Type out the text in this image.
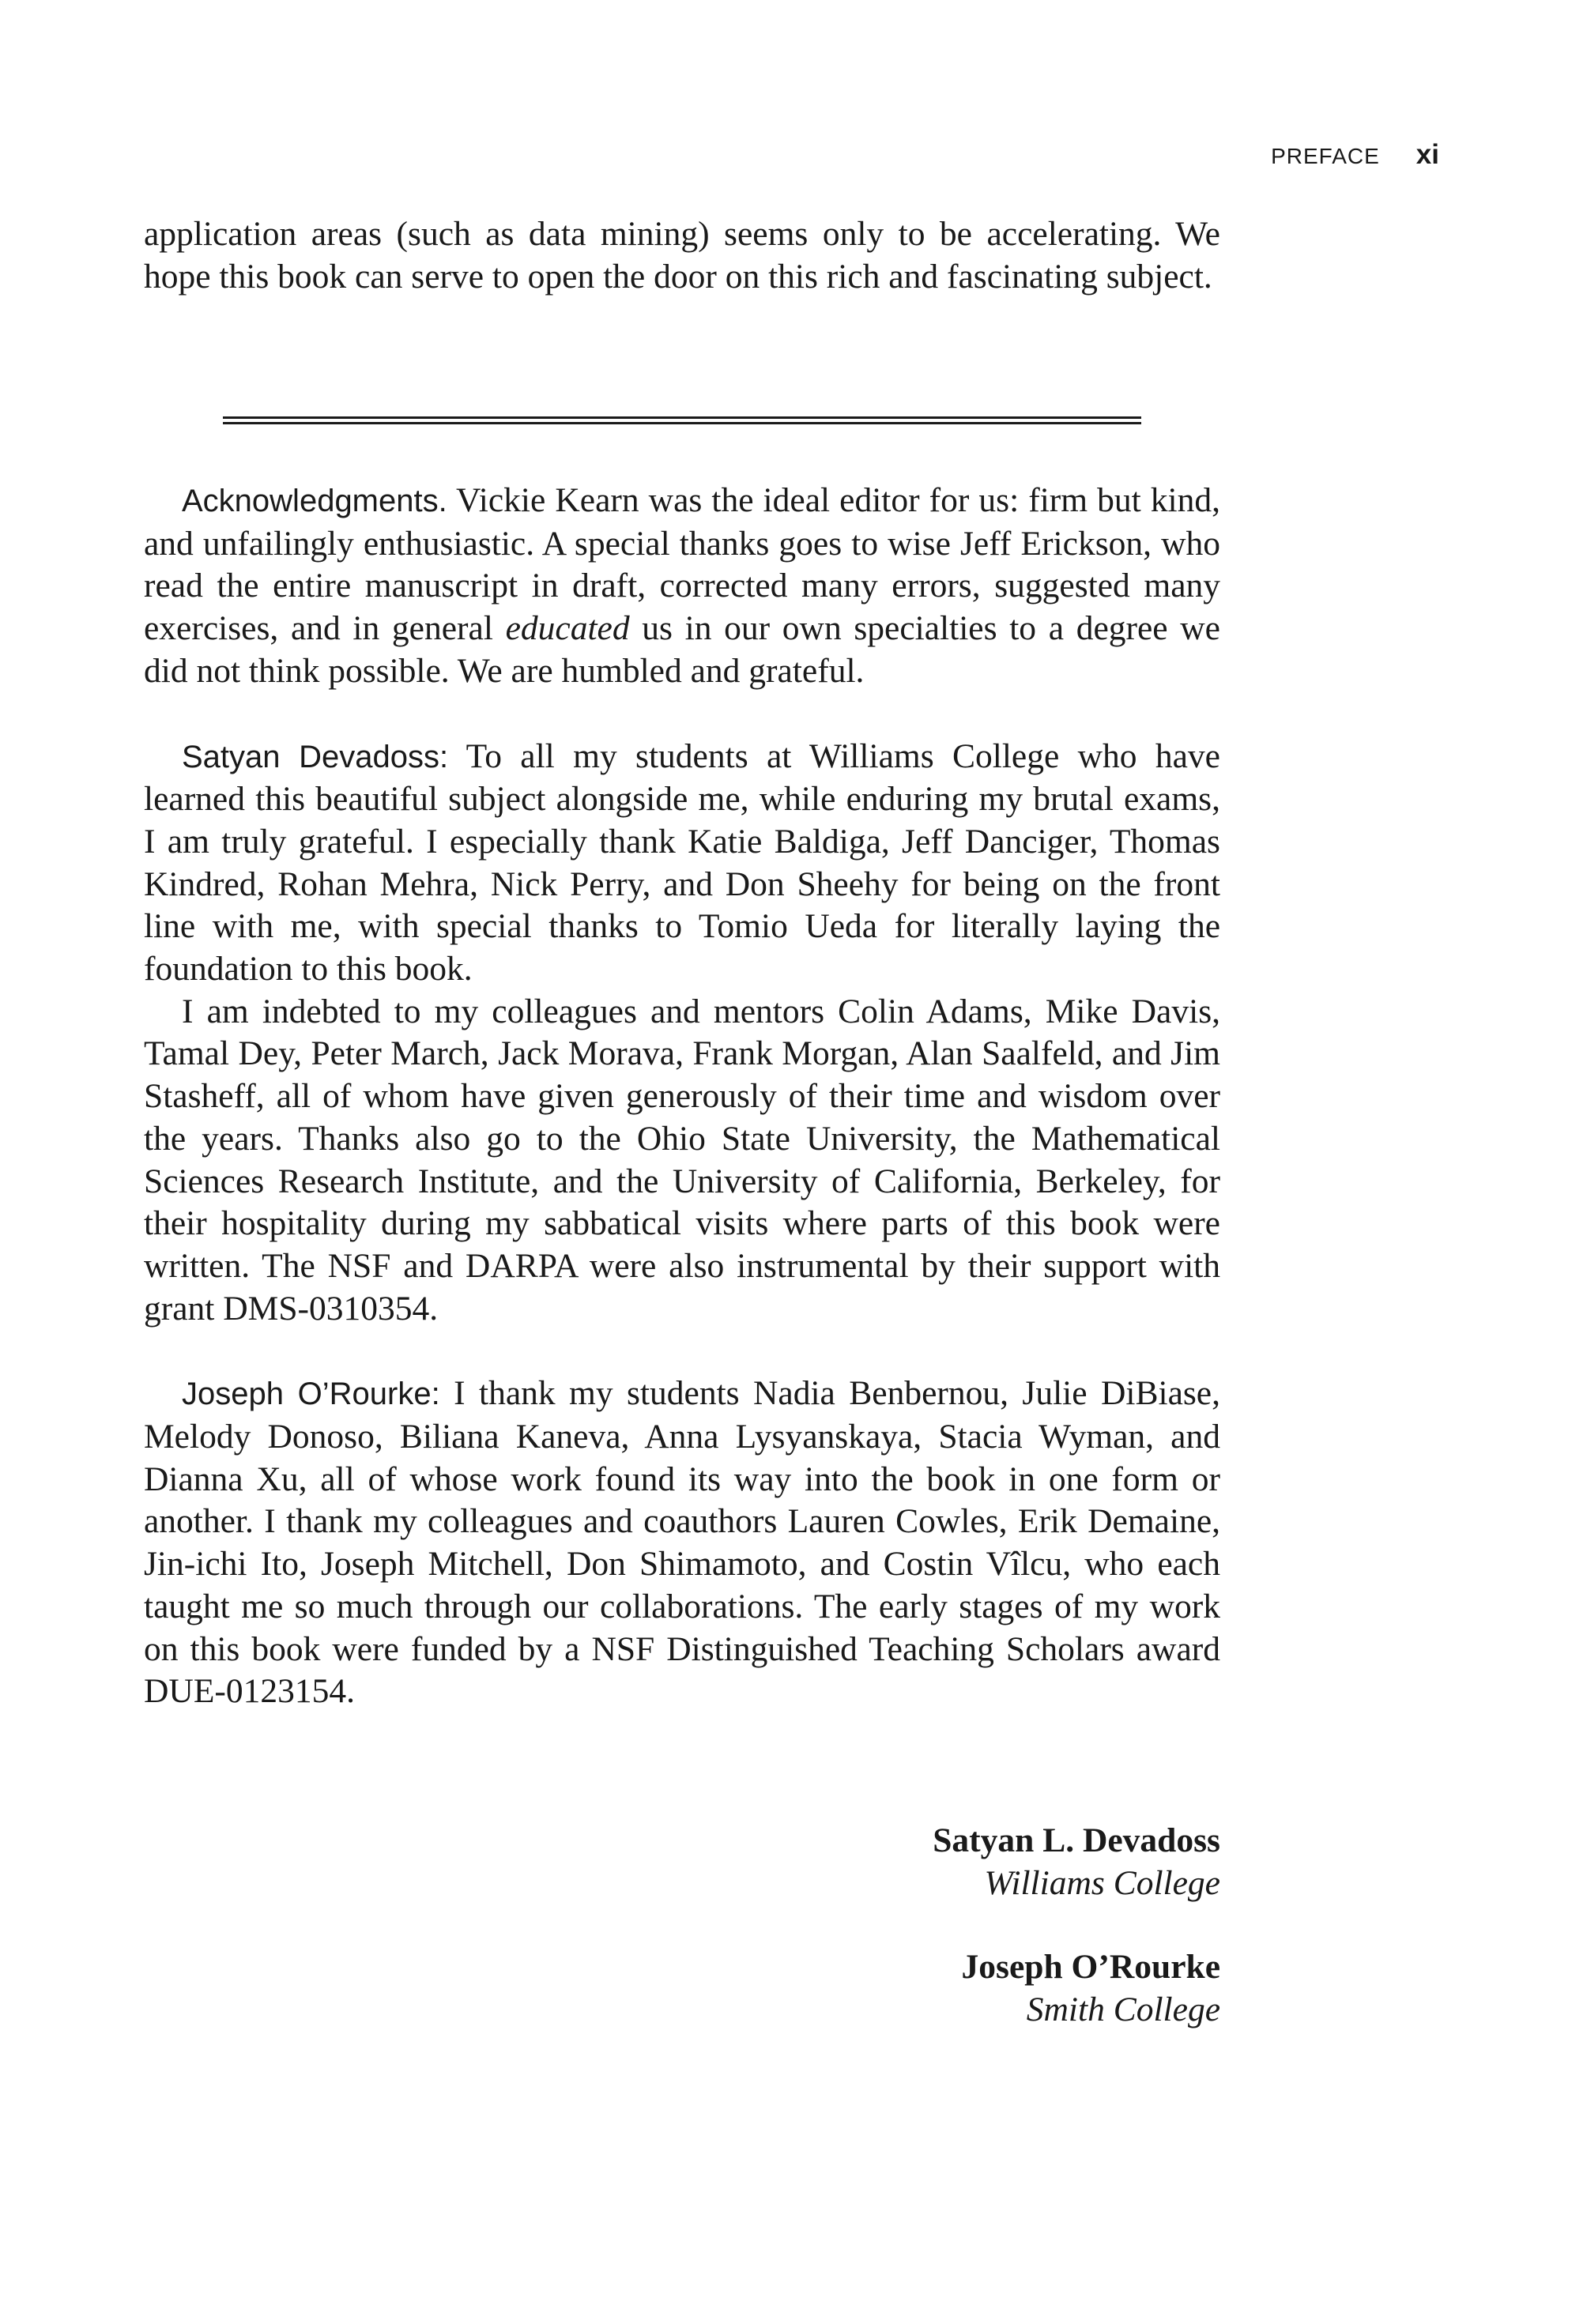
PREFACE xi

application areas (such as data mining) seems only to be accelerating. We hope this book can serve to open the door on this rich and fascinating subject.

Acknowledgments. Vickie Kearn was the ideal editor for us: firm but kind, and unfailingly enthusiastic. A special thanks goes to wise Jeff Erickson, who read the entire manuscript in draft, corrected many errors, suggested many exercises, and in general educated us in our own specialties to a degree we did not think possible. We are humbled and grateful.

Satyan Devadoss: To all my students at Williams College who have learned this beautiful subject alongside me, while enduring my brutal exams, I am truly grateful. I especially thank Katie Baldiga, Jeff Danciger, Thomas Kindred, Rohan Mehra, Nick Perry, and Don Sheehy for being on the front line with me, with special thanks to Tomio Ueda for literally laying the foundation to this book.

I am indebted to my colleagues and mentors Colin Adams, Mike Davis, Tamal Dey, Peter March, Jack Morava, Frank Morgan, Alan Saalfeld, and Jim Stasheff, all of whom have given generously of their time and wisdom over the years. Thanks also go to the Ohio State University, the Mathematical Sciences Research Institute, and the University of California, Berkeley, for their hospitality during my sabbatical visits where parts of this book were written. The NSF and DARPA were also instrumental by their support with grant DMS-0310354.

Joseph O’Rourke: I thank my students Nadia Benbernou, Julie DiBiase, Melody Donoso, Biliana Kaneva, Anna Lysyanskaya, Stacia Wyman, and Dianna Xu, all of whose work found its way into the book in one form or another. I thank my colleagues and coauthors Lauren Cowles, Erik Demaine, Jin-ichi Ito, Joseph Mitchell, Don Shimamoto, and Costin Vîlcu, who each taught me so much through our collaborations. The early stages of my work on this book were funded by a NSF Distinguished Teaching Scholars award DUE-0123154.

Satyan L. Devadoss
Williams College
Joseph O’Rourke
Smith College
